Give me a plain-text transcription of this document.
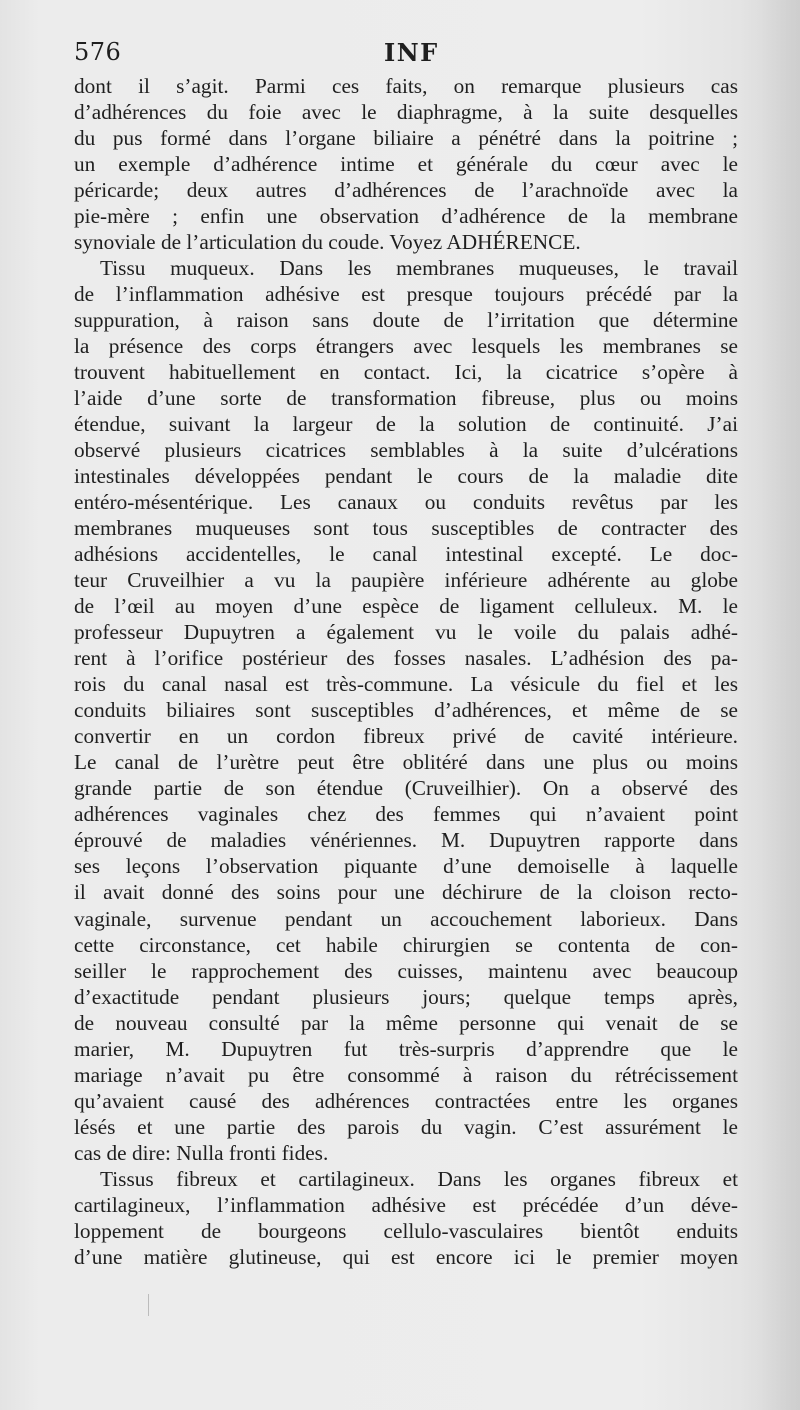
576	INF
dont il s’agit. Parmi ces faits, on remarque plusieurs cas
d’adhérences du foie avec le diaphragme, à la suite desquelles
du pus formé dans l’organe biliaire a pénétré dans la poitrine ;
un exemple d’adhérence intime et générale du cœur avec le
péricarde; deux autres d’adhérences de l’arachnoïde avec la
pie-mère ; enfin une observation d’adhérence de la membrane
synoviale de l’articulation du coude. Voyez ADHÉRENCE.
Tissu muqueux. Dans les membranes muqueuses, le travail
de l’inflammation adhésive est presque toujours précédé par la
suppuration, à raison sans doute de l’irritation que détermine
la présence des corps étrangers avec lesquels les membranes se
trouvent habituellement en contact. Ici, la cicatrice s’opère à
l’aide d’une sorte de transformation fibreuse, plus ou moins
étendue, suivant la largeur de la solution de continuité. J’ai
observé plusieurs cicatrices semblables à la suite d’ulcérations
intestinales développées pendant le cours de la maladie dite
entéro-mésentérique. Les canaux ou conduits revêtus par les
membranes muqueuses sont tous susceptibles de contracter des
adhésions accidentelles, le canal intestinal excepté. Le doc-
teur Cruveilhier a vu la paupière inférieure adhérente au globe
de l’œil au moyen d’une espèce de ligament celluleux. M. le
professeur Dupuytren a également vu le voile du palais adhé-
rent à l’orifice postérieur des fosses nasales. L’adhésion des pa-
rois du canal nasal est très-commune. La vésicule du fiel et les
conduits biliaires sont susceptibles d’adhérences, et même de se
convertir en un cordon fibreux privé de cavité intérieure.
Le canal de l’urètre peut être oblitéré dans une plus ou moins
grande partie de son étendue (Cruveilhier). On a observé des
adhérences vaginales chez des femmes qui n’avaient point
éprouvé de maladies vénériennes. M. Dupuytren rapporte dans
ses leçons l’observation piquante d’une demoiselle à laquelle
il avait donné des soins pour une déchirure de la cloison recto-
vaginale, survenue pendant un accouchement laborieux. Dans
cette circonstance, cet habile chirurgien se contenta de con-
seiller le rapprochement des cuisses, maintenu avec beaucoup
d’exactitude pendant plusieurs jours; quelque temps après,
de nouveau consulté par la même personne qui venait de se
marier, M. Dupuytren fut très-surpris d’apprendre que le
mariage n’avait pu être consommé à raison du rétrécissement
qu’avaient causé des adhérences contractées entre les organes
lésés et une partie des parois du vagin. C’est assurément le
cas de dire: Nulla fronti fides.
Tissus fibreux et cartilagineux. Dans les organes fibreux et
cartilagineux, l’inflammation adhésive est précédée d’un déve-
loppement de bourgeons cellulo-vasculaires bientôt enduits
d’une matière glutineuse, qui est encore ici le premier moyen
